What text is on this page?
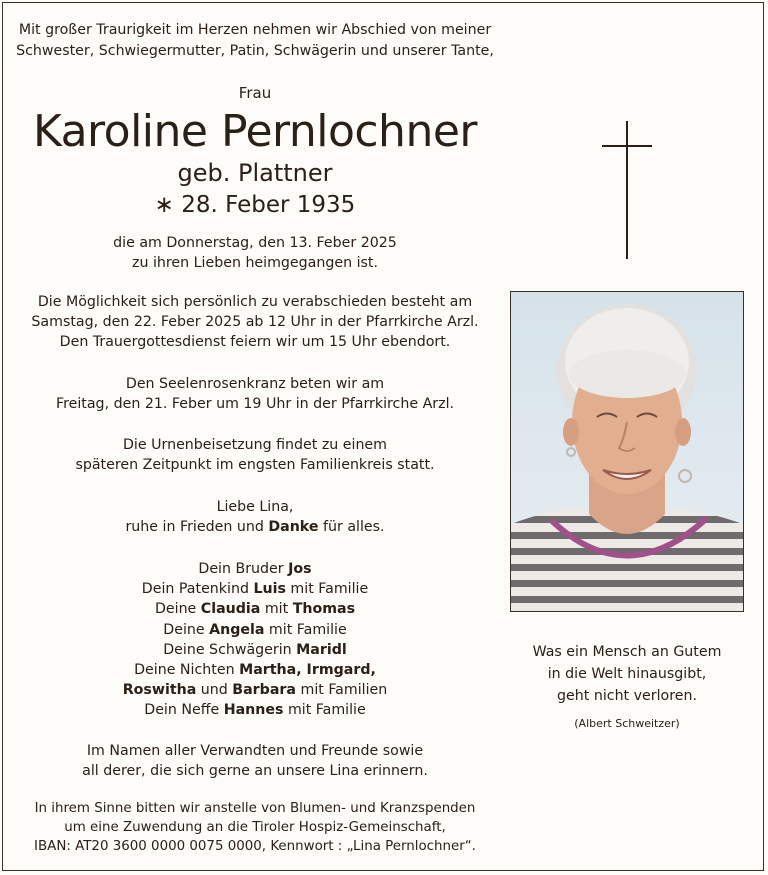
Mit großer Traurigkeit im Herzen nehmen wir Abschied von meiner
Schwester, Schwiegermutter, Patin, Schwägerin und unserer Tante,
Frau
Karoline Pernlochner
geb. Plattner
∗ 28. Feber 1935
die am Donnerstag, den 13. Feber 2025
zu ihren Lieben heimgegangen ist.
Die Möglichkeit sich persönlich zu verabschieden besteht am
Samstag, den 22. Feber 2025 ab 12 Uhr in der Pfarrkirche Arzl.
Den Trauergottesdienst feiern wir um 15 Uhr ebendort.
Den Seelenrosenkranz beten wir am
Freitag, den 21. Feber um 19 Uhr in der Pfarrkirche Arzl.
Die Urnenbeisetzung findet zu einem
späteren Zeitpunkt im engsten Familienkreis statt.
Liebe Lina,
ruhe in Frieden und Danke für alles.
Dein Bruder Jos
Dein Patenkind Luis mit Familie
Deine Claudia mit Thomas
Deine Angela mit Familie
Deine Schwägerin Maridl
Deine Nichten Martha, Irmgard,
Roswitha und Barbara mit Familien
Dein Neffe Hannes mit Familie
Im Namen aller Verwandten und Freunde sowie
all derer, die sich gerne an unsere Lina erinnern.
In ihrem Sinne bitten wir anstelle von Blumen- und Kranzspenden
um eine Zuwendung an die Tiroler Hospiz-Gemeinschaft,
IBAN: AT20 3600 0000 0075 0000, Kennwort : „Lina Pernlochner“.
Was ein Mensch an Gutem
in die Welt hinausgibt,
geht nicht verloren.
(Albert Schweitzer)
